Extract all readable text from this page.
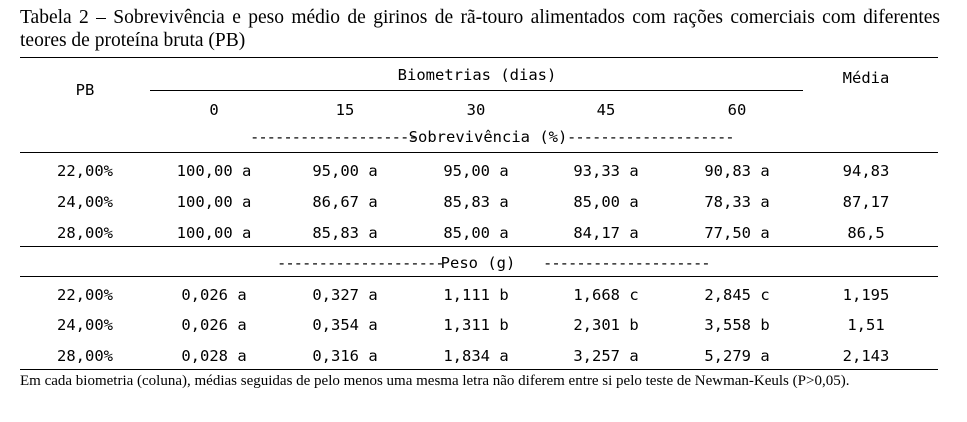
Tabela 2 – Sobrevivência e peso médio de girinos de rã-touro alimentados com rações comerciais com diferentes teores de proteína bruta (PB)
PB
Biometrias (dias)	Média
0	15	30	45	60
--------------------
Sobrevivência (%) --------------------
22,00%	100,00 a	95,00 a	95,00 a	93,33 a	90,83 a	94,83
24,00%	100,00 a	86,67 a	85,83 a	85,00 a	78,33 a	87,17
28,00%	100,00 a	85,83 a	85,00 a	84,17 a	77,50 a	86,5
--------------------
Peso (g) --------------------
22,00%	0,026 a	0,327 a	1,111 b	1,668 c	2,845 c	1,195
24,00%	0,026 a	0,354 a	1,311 b	2,301 b	3,558 b	1,51
28,00%	0,028 a	0,316 a	1,834 a	3,257 a	5,279 a	2,143
Em cada biometria (coluna), médias seguidas de pelo menos uma mesma letra não diferem entre si pelo teste de Newman-Keuls (P>0,05).
